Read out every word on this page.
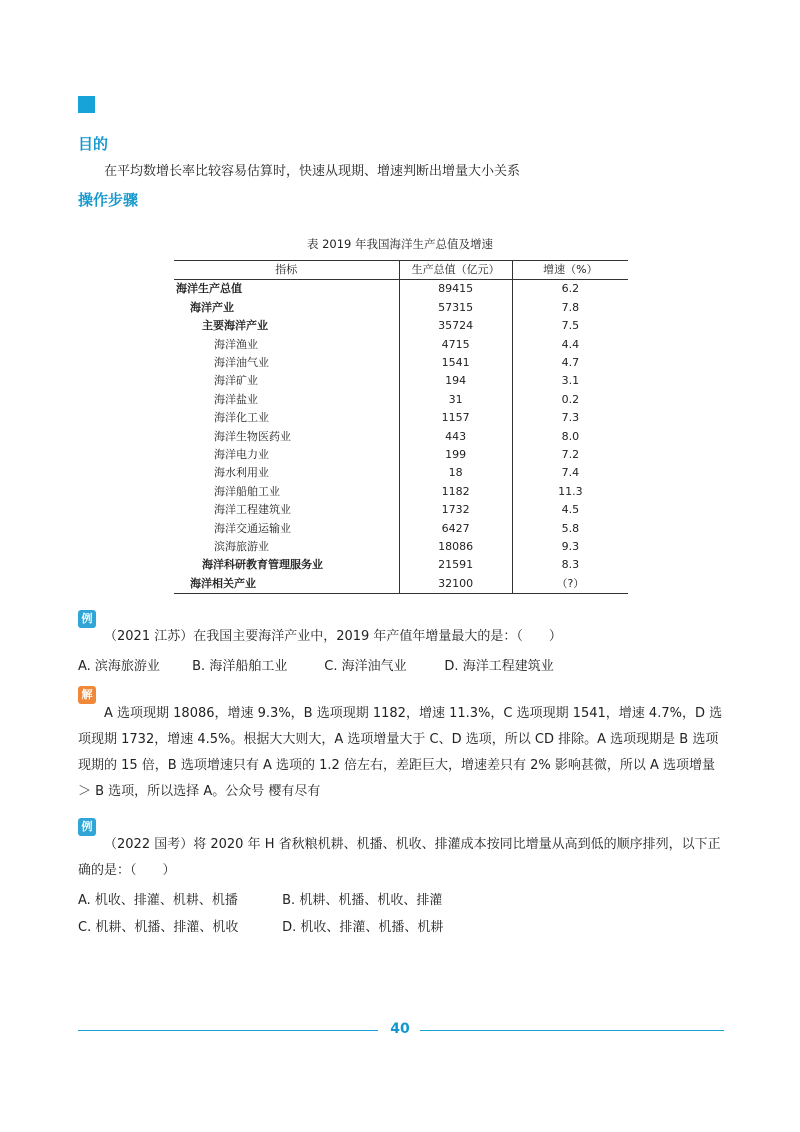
目的
在平均数增长率比较容易估算时，快速从现期、增速判断出增量大小关系
操作步骤
表 2019 年我国海洋生产总值及增速
指标	生产总值（亿元）	增速（%）
海洋生产总值	89415	6.2
海洋产业	57315	7.8
主要海洋产业	35724	7.5
海洋渔业	4715	4.4
海洋油气业	1541	4.7
海洋矿业	194	3.1
海洋盐业	31	0.2
海洋化工业	1157	7.3
海洋生物医药业	443	8.0
海洋电力业	199	7.2
海水利用业	18	7.4
海洋船舶工业	1182	11.3
海洋工程建筑业	1732	4.5
海洋交通运输业	6427	5.8
滨海旅游业	18086	9.3
海洋科研教育管理服务业	21591	8.3
海洋相关产业	32100	（?）
例
（2021 江苏）在我国主要海洋产业中，2019 年产值年增量最大的是：（　　）
A. 滨海旅游业 B. 海洋船舶工业	C. 海洋油气业	D. 海洋工程建筑业
解
A 选项现期 18086，增速 9.3%，B 选项现期 1182，增速 11.3%，C 选项现期 1541，增速 4.7%，D 选项现期 1732，增速 4.5%。根据大大则大，A 选项增量大于 C、D 选项，所以 CD 排除。A 选项现期是 B 选项现期的 15 倍，B 选项增速只有 A 选项的 1.2 倍左右，差距巨大，增速差只有 2% 影响甚微，所以 A 选项增量＞ B 选项，所以选择 A。公众号 樱有尽有
例
（2022 国考）将 2020 年 H 省秋粮机耕、机播、机收、排灌成本按同比增量从高到低的顺序排列，以下正确的是：（　　）
A. 机收、排灌、机耕、机播	B. 机耕、机播、机收、排灌
C. 机耕、机播、排灌、机收	D. 机收、排灌、机播、机耕
40
